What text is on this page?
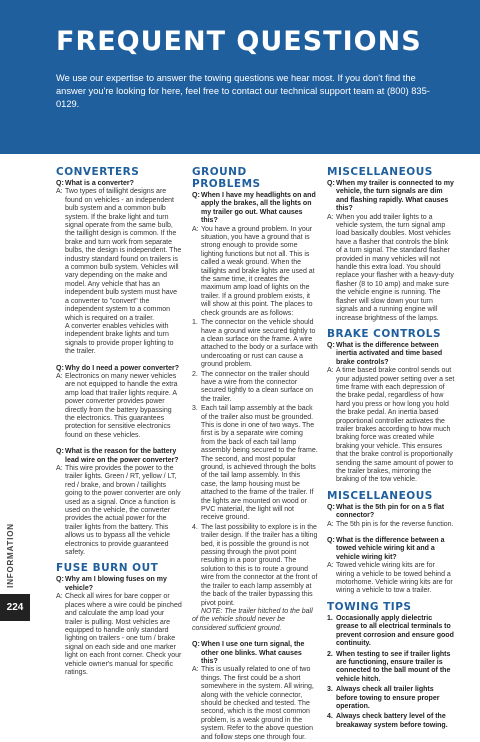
FREQUENT QUESTIONS
We use our expertise to answer the towing questions we hear most. If you don't find the answer you're looking for here, feel free to contact our technical support team at (800) 835-0129.
CONVERTERS
Q: What is a converter?
A: Two types of taillight designs are found on vehicles - an independent bulb system and a common bulb system. If the brake light and turn signal operate from the same bulb, the taillight design is common. If the brake and turn work from separate bulbs, the design is independent. The industry standard found on trailers is a common bulb system. Vehicles will vary depending on the make and model. Any vehicle that has an independent bulb system must have a converter to "convert" the independent system to a common which is required on a trailer.
A converter enables vehicles with independent brake lights and turn signals to provide proper lighting to the trailer.
Q: Why do I need a power converter?
A: Electronics on many newer vehicles are not equipped to handle the extra amp load that trailer lights require. A power converter provides power directly from the battery bypassing the electronics. This guarantees protection for sensitive electronics found on these vehicles.
Q: What is the reason for the battery lead wire on the power converter?
A: This wire provides the power to the trailer lights. Green / RT, yellow / LT, red / brake, and brown / taillights going to the power converter are only used as a signal. Once a function is used on the vehicle, the converter provides the actual power for the trailer lights from the battery. This allows us to bypass all the vehicle electronics to provide guaranteed safety.
FUSE BURN OUT
Q: Why am I blowing fuses on my vehicle?
A: Check all wires for bare copper or places where a wire could be pinched and calculate the amp load your trailer is pulling. Most vehicles are equipped to handle only standard lighting on trailers - one turn / brake signal on each side and one marker light on each front corner. Check your vehicle owner's manual for specific ratings.
GROUND PROBLEMS
Q: When I have my headlights on and apply the brakes, all the lights on my trailer go out. What causes this?
A: You have a ground problem. In your situation, you have a ground that is strong enough to provide some lighting functions but not all. This is called a weak ground. When the taillights and brake lights are used at the same time, it creates the maximum amp load of lights on the trailer. If a ground problem exists, it will show at this point. The places to check grounds are as follows:
1. The connector on the vehicle should have a ground wire secured tightly to a clean surface on the frame. A wire attached to the body or a surface with undercoating or rust can cause a ground problem.
2. The connector on the trailer should have a wire from the connector secured tightly to a clean surface on the trailer.
3. Each tail lamp assembly at the back of the trailer also must be grounded. This is done in one of two ways. The first is by a separate wire coming from the back of each tail lamp assembly being secured to the frame. The second, and most popular ground, is achieved through the bolts of the tail lamp assembly. In this case, the lamp housing must be attached to the frame of the trailer. If the lights are mounted on wood or PVC material, the light will not receive ground.
4. The last possibility to explore is in the trailer design. If the trailer has a tilting bed, it is possible the ground is not passing through the pivot point resulting in a poor ground. The solution to this is to route a ground wire from the connector at the front of the trailer to each lamp assembly at the back of the trailer bypassing this pivot point.
NOTE: The trailer hitched to the ball of the vehicle should never be considered sufficient ground.
Q: When I use one turn signal, the other one blinks. What causes this?
A: This is usually related to one of two things. The first could be a short somewhere in the system. All wiring, along with the vehicle connector, should be checked and tested. The second, which is the most common problem, is a weak ground in the system. Refer to the above question and follow steps one through four.
MISCELLANEOUS
Q: When my trailer is connected to my vehicle, the turn signals are dim and flashing rapidly. What causes this?
A: When you add trailer lights to a vehicle system, the turn signal amp load basically doubles. Most vehicles have a flasher that controls the blink of a turn signal. The standard flasher provided in many vehicles will not handle this extra load. You should replace your flasher with a heavy-duty flasher (8 to 10 amp) and make sure the vehicle engine is running. The flasher will slow down your turn signals and a running engine will increase brightness of the lamps.
BRAKE CONTROLS
Q: What is the difference between inertia activated and time based brake controls?
A: A time based brake control sends out your adjusted power setting over a set time frame with each depression of the brake pedal, regardless of how hard you press or how long you hold the brake pedal. An inertia based proportional controller activates the trailer brakes according to how much braking force was created while braking your vehicle. This ensures that the brake control is proportionally sending the same amount of power to the trailer brakes, mirroring the braking of the tow vehicle.
MISCELLANEOUS
Q: What is the 5th pin for on a 5 flat connector?
A: The 5th pin is for the reverse function.
Q: What is the difference between a towed vehicle wiring kit and a vehicle wiring kit?
A: Towed vehicle wiring kits are for wiring a vehicle to be towed behind a motorhome. Vehicle wiring kits are for wiring a vehicle to tow a trailer.
TOWING TIPS
1. Occasionally apply dielectric grease to all electrical terminals to prevent corrosion and ensure good continuity.
2. When testing to see if trailer lights are functioning, ensure trailer is connected to the ball mount of the vehicle hitch.
3. Always check all trailer lights before towing to ensure proper operation.
4. Always check battery level of the breakaway system before towing.
INFORMATION
224
